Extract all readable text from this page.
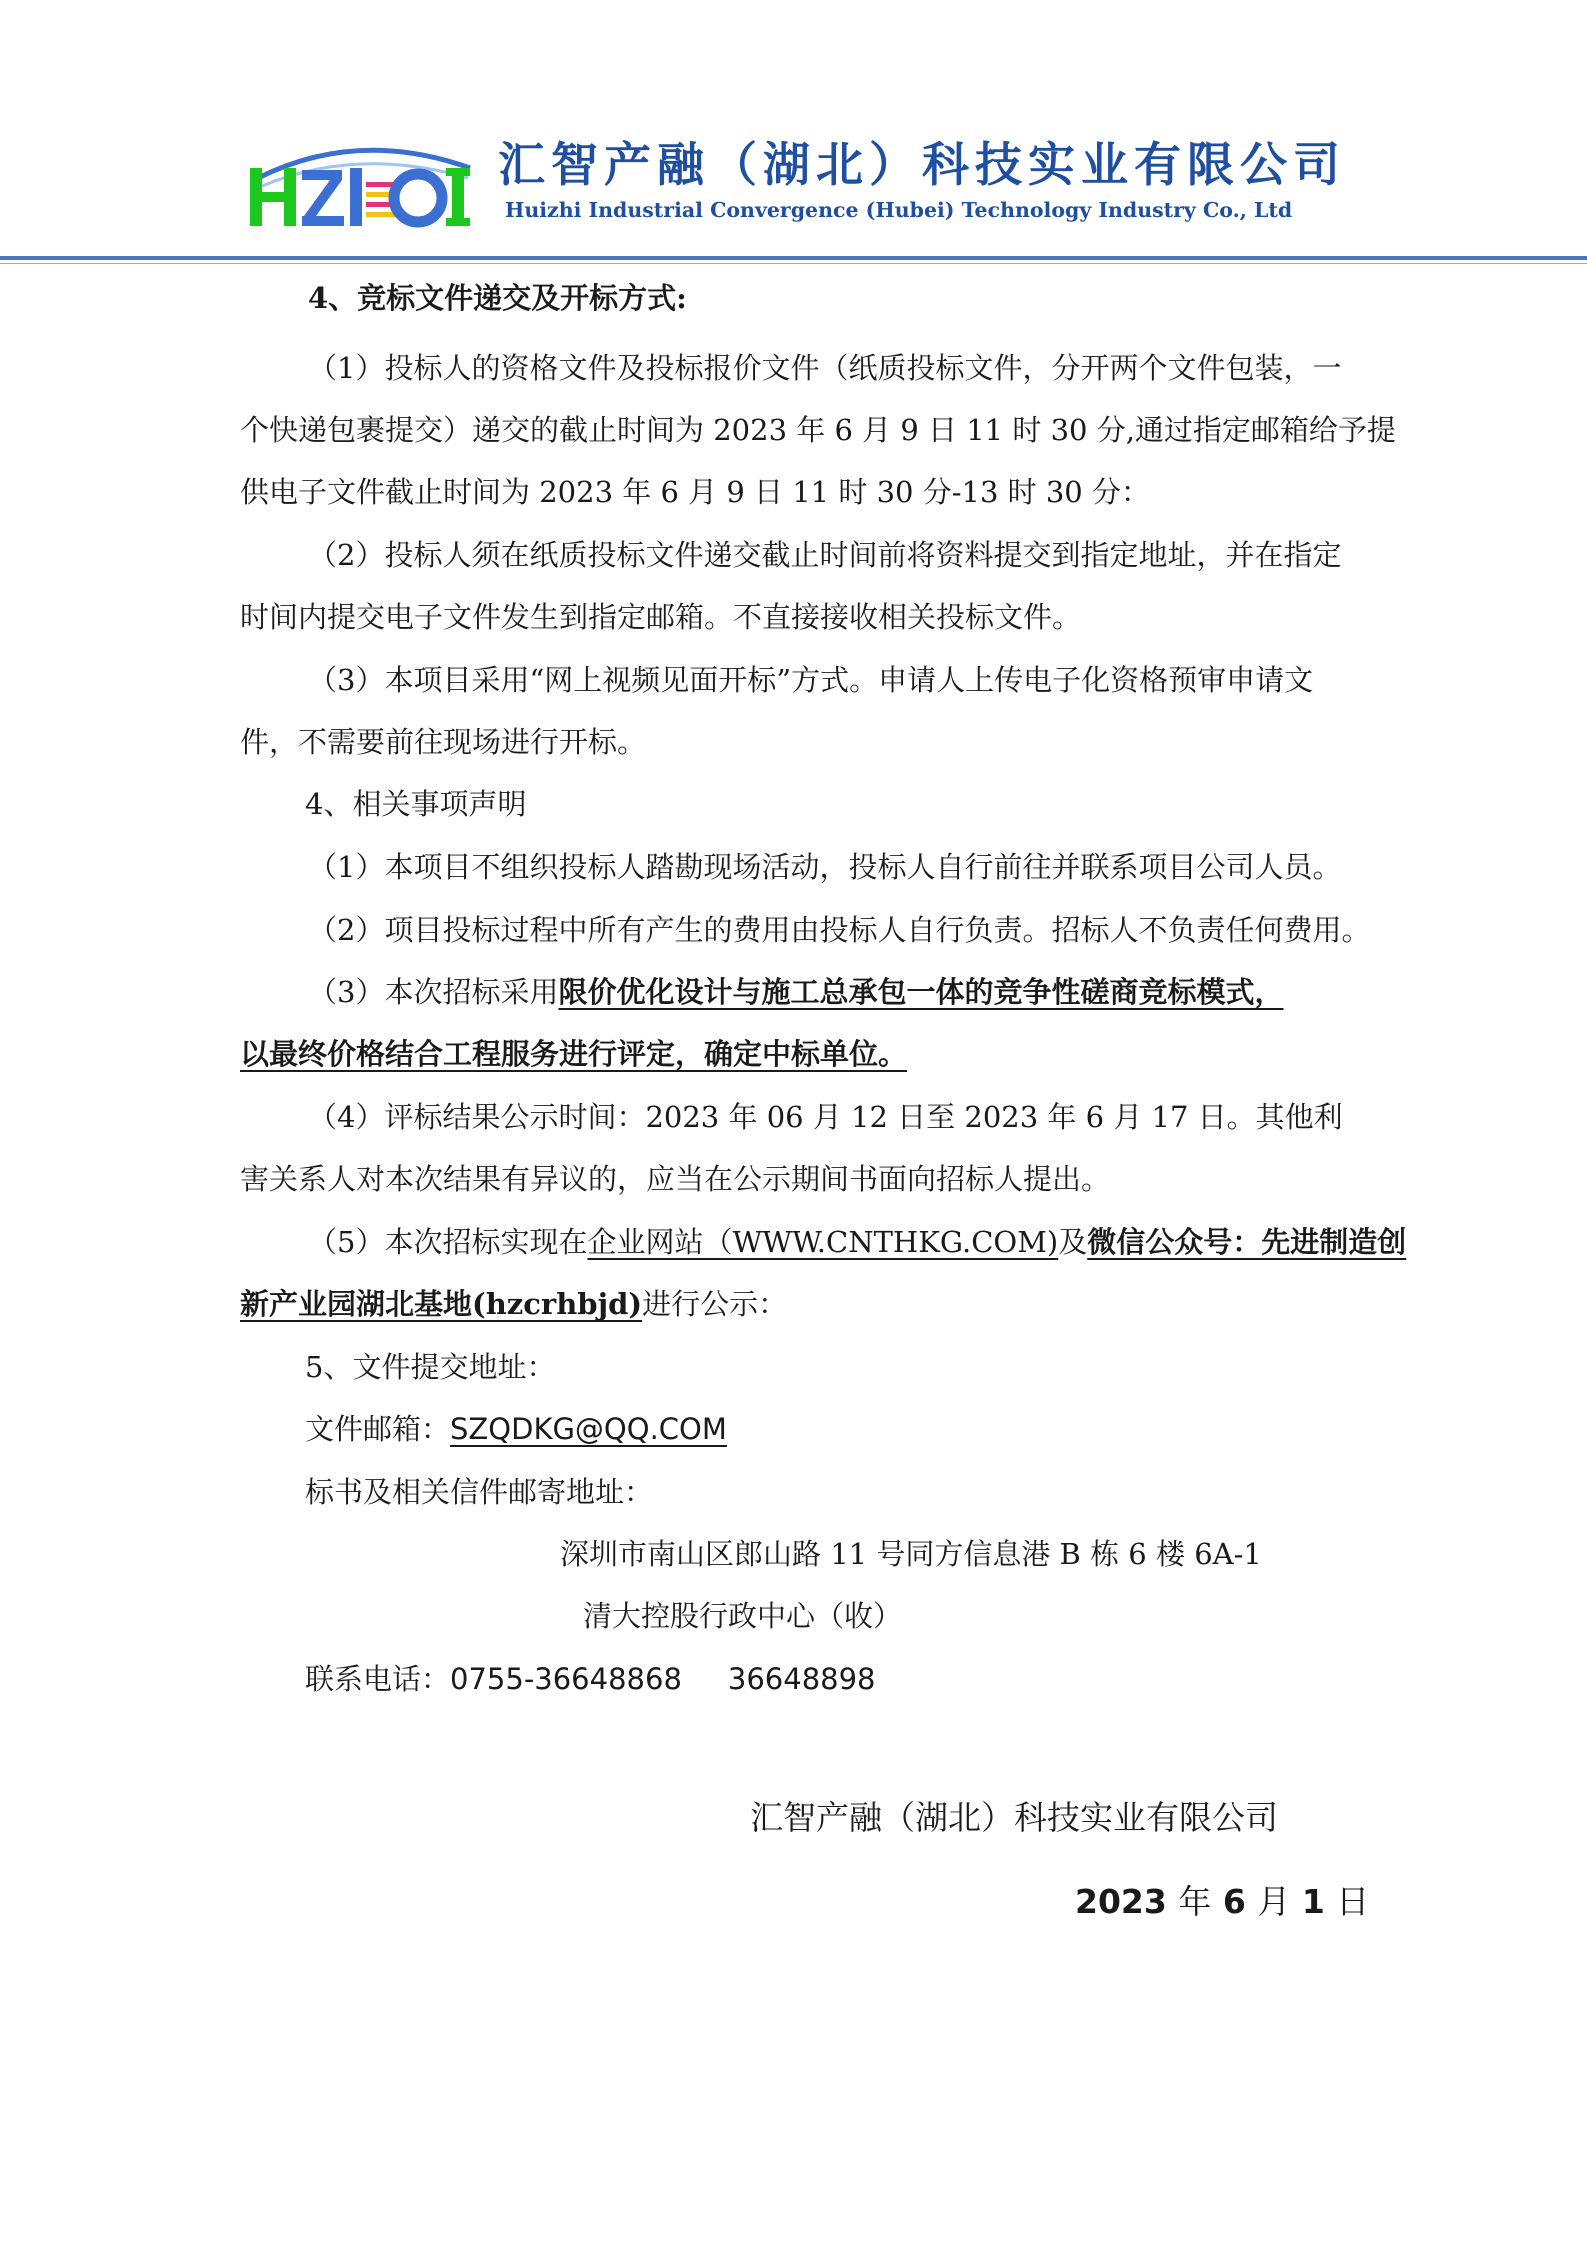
汇智产融（湖北）科技实业有限公司
Huizhi Industrial Convergence (Hubei) Technology Industry Co., Ltd
4、竞标文件递交及开标方式:
（1）投标人的资格文件及投标报价文件（纸质投标文件，分开两个文件包装，一
个快递包裹提交）递交的截止时间为 2023 年 6 月 9 日 11 时 30 分,通过指定邮箱给予提
供电子文件截止时间为 2023 年 6 月 9 日 11 时 30 分-13 时 30 分：
（2）投标人须在纸质投标文件递交截止时间前将资料提交到指定地址，并在指定
时间内提交电子文件发生到指定邮箱。不直接接收相关投标文件。
（3）本项目采用“网上视频见面开标”方式。申请人上传电子化资格预审申请文
件，不需要前往现场进行开标。
4、相关事项声明
（1）本项目不组织投标人踏勘现场活动，投标人自行前往并联系项目公司人员。
（2）项目投标过程中所有产生的费用由投标人自行负责。招标人不负责任何费用。
（3）本次招标采用限价优化设计与施工总承包一体的竞争性磋商竞标模式，
以最终价格结合工程服务进行评定，确定中标单位。
（4）评标结果公示时间：2023 年 06 月 12 日至 2023 年 6 月 17 日。其他利
害关系人对本次结果有异议的，应当在公示期间书面向招标人提出。
（5）本次招标实现在企业网站（WWW.CNTHKG.COM)及微信公众号：先进制造创
新产业园湖北基地(hzcrhbjd)进行公示：
5、文件提交地址：
文件邮箱：SZQDKG@QQ.COM
标书及相关信件邮寄地址：
深圳市南山区郎山路 11 号同方信息港 B 栋 6 楼 6A-1
清大控股行政中心（收）
联系电话：0755-36648868 36648898
汇智产融（湖北）科技实业有限公司
2023 年 6 月 1 日
